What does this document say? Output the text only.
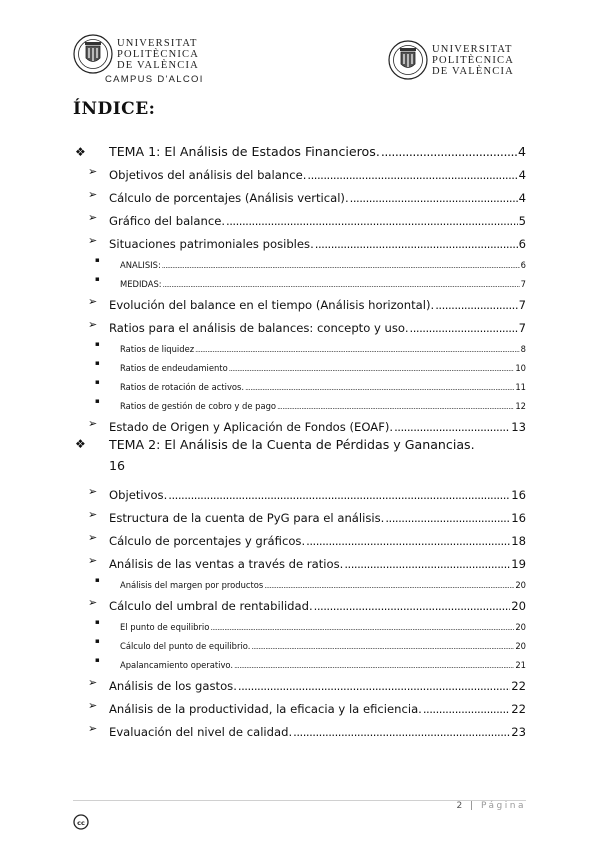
UNIVERSITAT
POLITÈCNICA
DE VALÈNCIA
CAMPUS D'ALCOI
UNIVERSITAT
POLITÈCNICA
DE VALÈNCIA
ÍNDICE:
❖ TEMA 1: El Análisis de Estados Financieros. .....	4
➢ Objetivos del análisis del balance. .....	4
➢ Cálculo de porcentajes (Análisis vertical). .....	4
➢ Gráfico del balance. .....	5
➢ Situaciones patrimoniales posibles. .....	6
▪ ANALISIS: .....	6
▪ MEDIDAS: .....	7
➢ Evolución del balance en el tiempo (Análisis horizontal). .....	7
➢ Ratios para el análisis de balances: concepto y uso. .....	7
▪ Ratios de liquidez .....	8
▪ Ratios de endeudamiento .....	10
▪ Ratios de rotación de activos. .....	11
▪ Ratios de gestión de cobro y de pago .....	12
➢ Estado de Origen y Aplicación de Fondos (EOAF). .....	13
❖ TEMA 2: El Análisis de la Cuenta de Pérdidas y Ganancias.
16
➢ Objetivos. .....	16
➢ Estructura de la cuenta de PyG para el análisis. .....	16
➢ Cálculo de porcentajes y gráficos. .....	18
➢ Análisis de las ventas a través de ratios. .....	19
▪ Análisis del margen por productos .....	20
➢ Cálculo del umbral de rentabilidad. .....	20
▪ El punto de equilibrio .....	20
▪ Cálculo del punto de equilibrio. .....	20
▪ Apalancamiento operativo. .....	21
➢ Análisis de los gastos. .....	22
➢ Análisis de la productividad, la eficacia y la eficiencia. .....	22
➢ Evaluación del nivel de calidad. .....	23
2 | Página
cc
